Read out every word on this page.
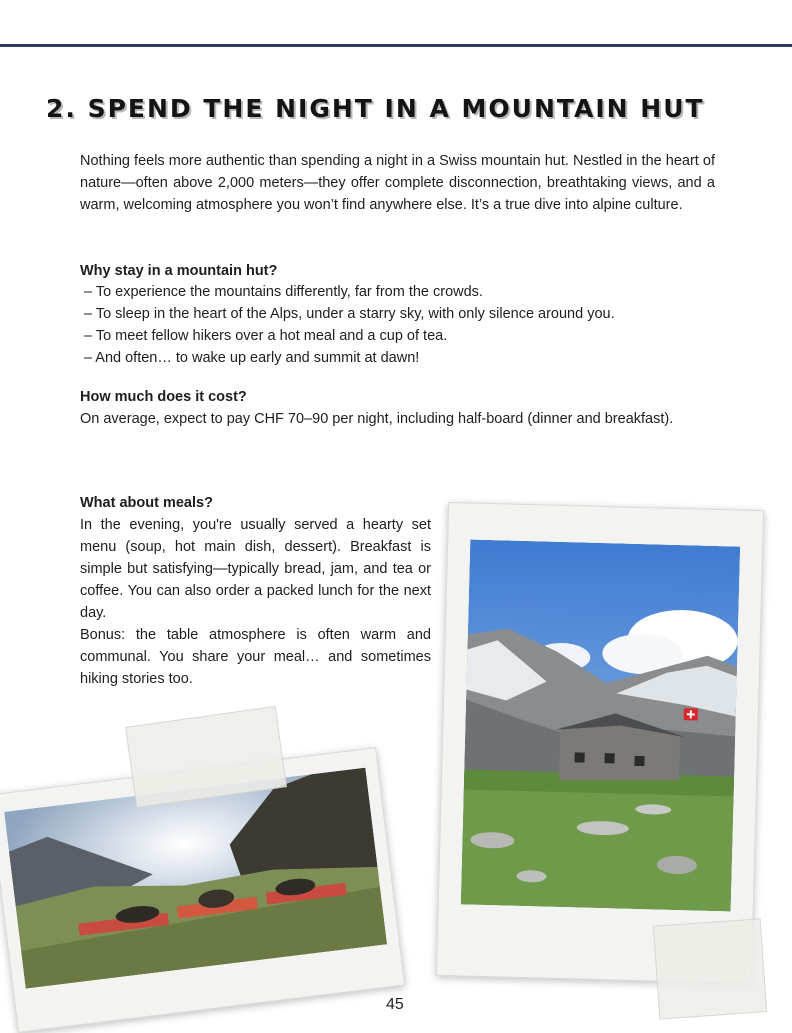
2. SPEND THE NIGHT IN A MOUNTAIN HUT

Nothing feels more authentic than spending a night in a Swiss mountain hut. Nestled in the heart of nature—often above 2,000 meters—they offer complete disconnection, breathtaking views, and a warm, welcoming atmosphere you won’t find anywhere else. It’s a true dive into alpine culture.

Why stay in a mountain hut?

– To experience the mountains differently, far from the crowds.
– To sleep in the heart of the Alps, under a starry sky, with only silence around you.
– To meet fellow hikers over a hot meal and a cup of tea.
– And often… to wake up early and summit at dawn!

How much does it cost?

On average, expect to pay CHF 70–90 per night, including half-board (dinner and breakfast).

What about meals?

In the evening, you're usually served a hearty set menu (soup, hot main dish, dessert). Breakfast is simple but satisfying—typically bread, jam, and tea or coffee. You can also order a packed lunch for the next day.
Bonus: the table atmosphere is often warm and communal. You share your meal… and sometimes hiking stories too.
45
